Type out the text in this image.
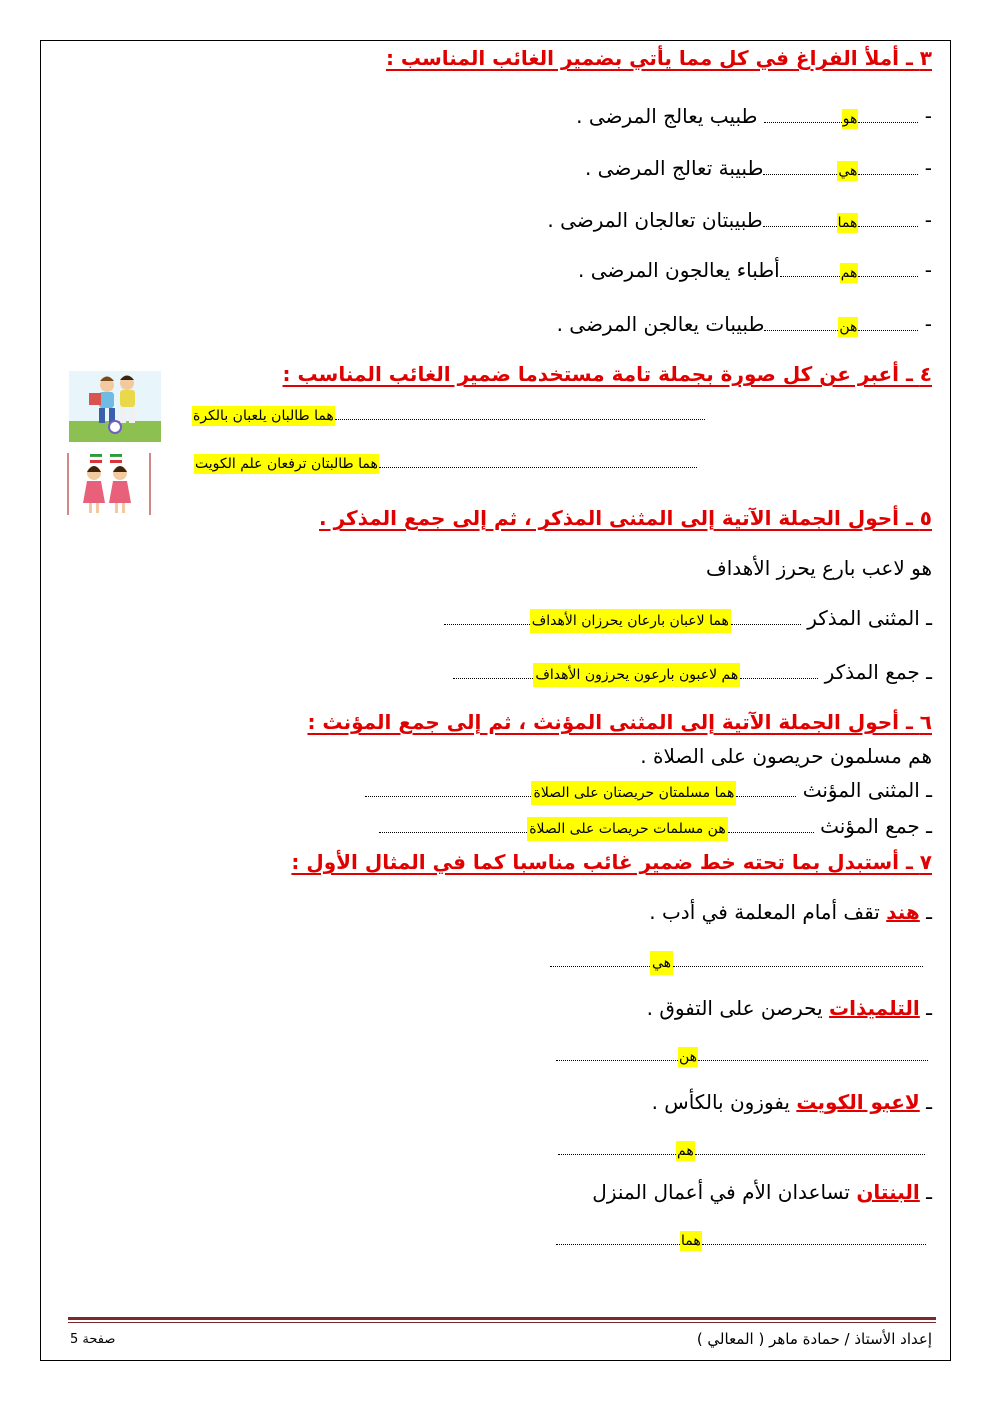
٣ ـ أملأ الفراغ في كل مما يأتي بضمير الغائب المناسب :
- هو طبيب يعالج المرضى .
- هيطبيبة تعالج المرضى .
- هماطبيبتان تعالجان المرضى .
- همأطباء يعالجون المرضى .
- هنطبيبات يعالجن المرضى .
٤ ـ أعبر عن كل صورة بجملة تامة مستخدما ضمير الغائب المناسب :
هما طالبان يلعبان بالكرة
هما طالبتان ترفعان علم الكويت
٥ ـ أحول الجملة الآتية إلى المثنى المذكر ، ثم إلى جمع المذكر .
هو لاعب بارع يحرز الأهداف
ـ المثنى المذكر هما لاعبان بارعان يحرزان الأهداف
ـ جمع المذكر هم لاعبون بارعون يحرزون الأهداف
٦ ـ أحول الجملة الآتية إلى المثنى المؤنث ، ثم إلى جمع المؤنث :
هم مسلمون حريصون على الصلاة .
ـ المثنى المؤنث هما مسلمتان حريصتان على الصلاة
ـ جمع المؤنث هن مسلمات حريصات على الصلاة
٧ ـ أستبدل بما تحته خط ضمير غائب مناسبا كما في المثال الأول :
ـ هند تقف أمام المعلمة في أدب .
هي
ـ التلميذات يحرصن على التفوق .
هن
ـ لاعبو الكويت يفوزون بالكأس .
هم
ـ البنتان تساعدان الأم في أعمال المنزل
هما
إعداد الأستاذ / حمادة ماهر ( المعالي )
صفحة 5
